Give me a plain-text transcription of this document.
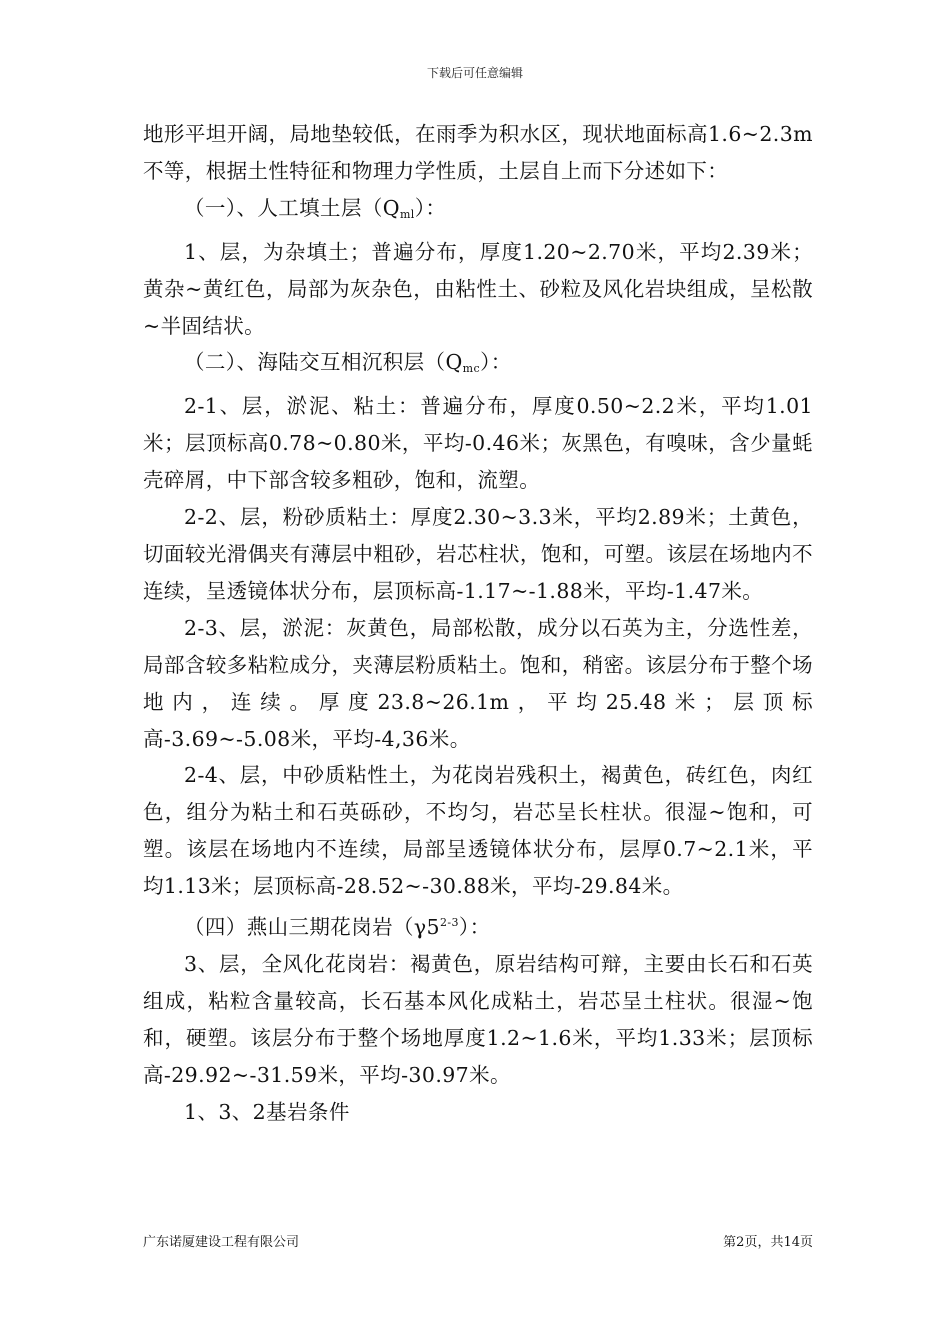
下载后可任意编辑

地形平坦开阔，局地垫较低，在雨季为积水区，现状地面标高1.6~2.3m不等，根据土性特征和物理力学性质，土层自上而下分述如下：

（一）、人工填土层$(Q_{ml})$：

1、层，为杂填土；普遍分布，厚度1.20~2.70米，平均2.39米；黄杂~黄红色，局部为灰杂色，由粘性土、砂粒及风化岩块组成，呈松散~半固结状。

（二）、海陆交互相沉积层$(Q_{mc})$：

2-1、层，淤泥、粘土：普遍分布，厚度0.50~2.2米，平均1.01米；层顶标高0.78~0.80米，平均-0.46米；灰黑色，有嗅味，含少量蚝壳碎屑，中下部含较多粗砂，饱和，流塑。

2-2、层，粉砂质粘土：厚度2.30~3.3米，平均2.89米；土黄色，切面较光滑偶夹有薄层中粗砂，岩芯柱状，饱和，可塑。该层在场地内不连续，呈透镜体状分布，层顶标高-1.17~-1.88米，平均-1.47米。

2-3、层，淤泥：灰黄色，局部松散，成分以石英为主，分选性差，局部含较多粘粒成分，夹薄层粉质粘土。饱和，稍密。该层分布于整个场地内，连续。厚度23.8~26.1m，平均25.48米；层顶标高-3.69~-5.08米，平均-4,36米。

2-4、层，中砂质粘性土，为花岗岩残积土，褐黄色，砖红色，肉红色，组分为粘土和石英砾砂，不均匀，岩芯呈长柱状。很湿~饱和，可塑。该层在场地内不连续，局部呈透镜体状分布，层厚0.7~2.1米，平均1.13米；层顶标高-28.52~-30.88米，平均-29.84米。

（四）燕山三期花岗岩（γ5$^{2-3}$）：

3、层，全风化花岗岩：褐黄色，原岩结构可辩，主要由长石和石英组成，粘粒含量较高，长石基本风化成粘土，岩芯呈土柱状。很湿~饱和，硬塑。该层分布于整个场地厚度1.2~1.6米，平均1.33米；层顶标高-29.92~-31.59米，平均-30.97米。

1、3、2基岩条件

广东诺厦建设工程有限公司	第2页，共14页
